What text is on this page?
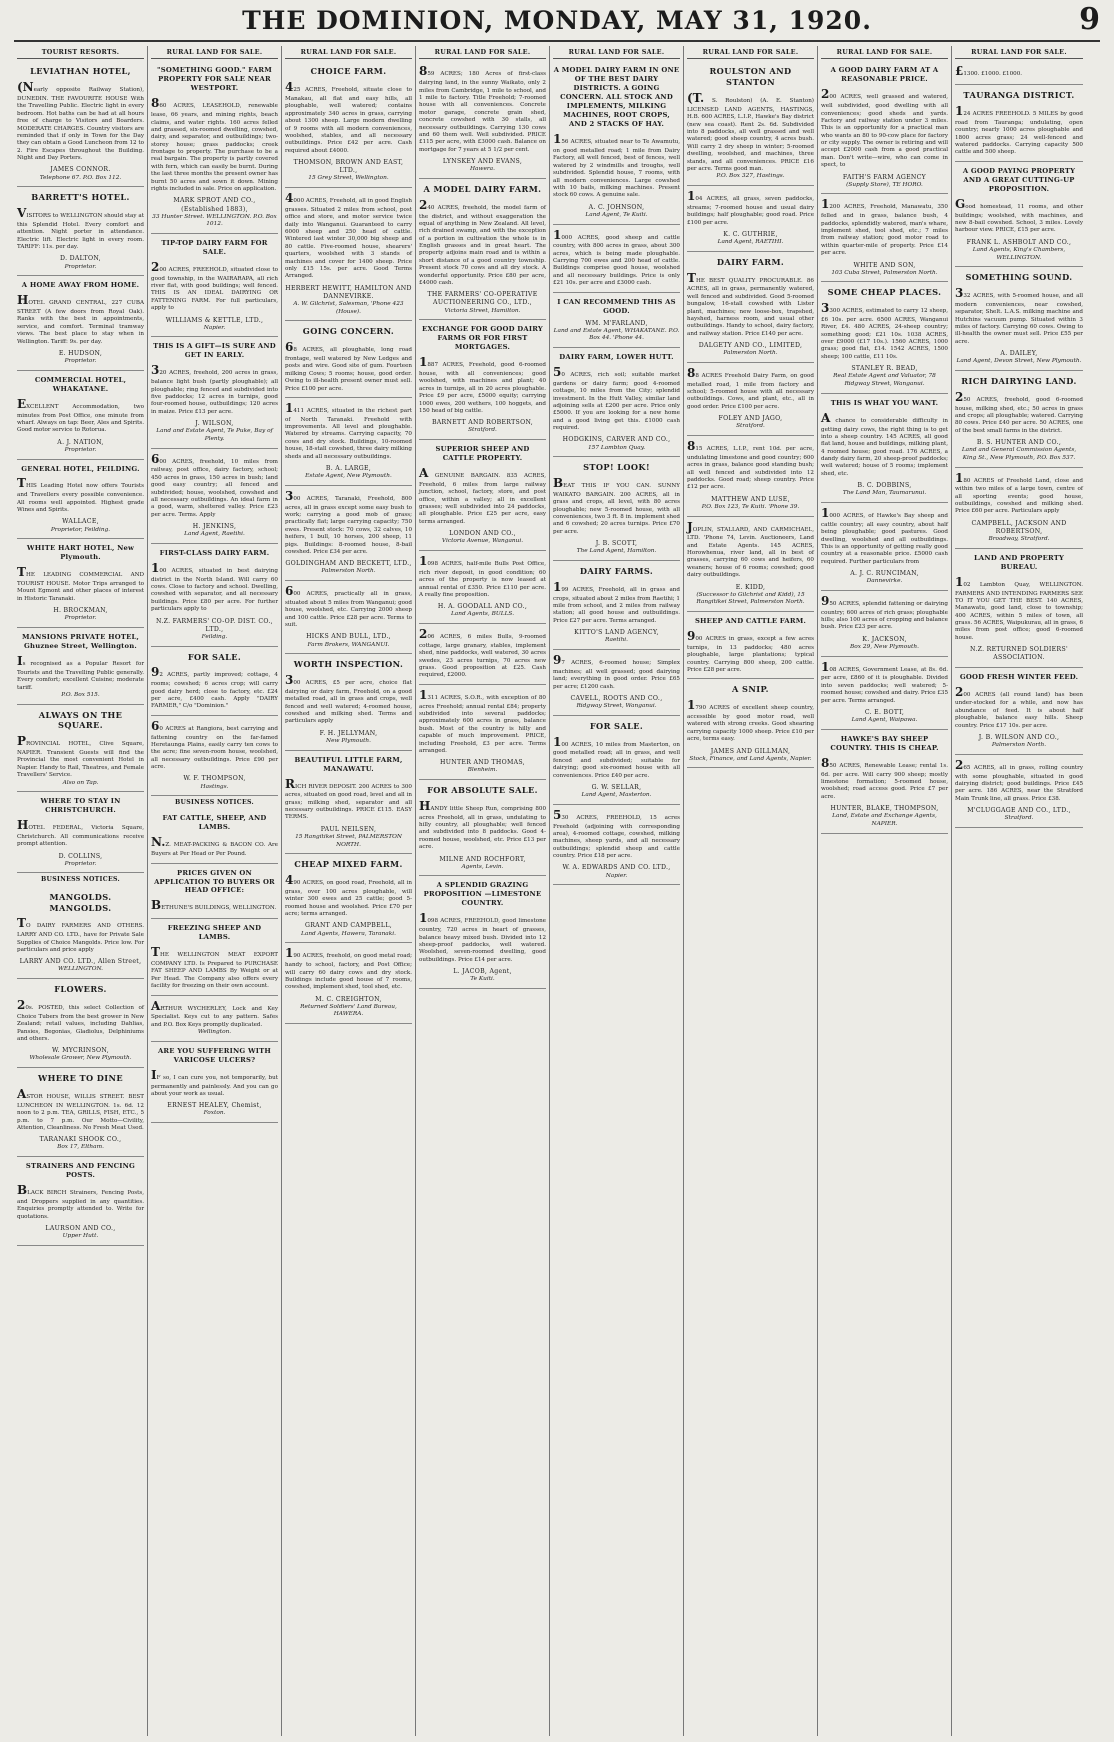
THE DOMINION, MONDAY, MAY 31, 1920.	9
TOURIST RESORTS.
LEVIATHAN HOTEL,
(Nearly opposite Railway Station), DUNEDIN. THE FAVOURITE HOUSE With the Travelling Public. Electric light in every bedroom. Hot baths can be had at all hours free of charge to Visitors and Boarders. MODERATE CHARGES. Country visitors are reminded that if only in Town for the Day they can obtain a Good Luncheon from 12 to 2. Fire Escapes throughout the Building. Night and Day Porters.
JAMES CONNOR.
Telephone 67. P.O. Box 112.
BARRETT'S HOTEL.
VISITORS to WELLINGTON should stay at this Splendid Hotel. Every comfort and attention. Night porter in attendance. Electric lift. Electric light in every room. TARIFF: 11s. per day.
D. DALTON,
Proprietor.
A HOME AWAY FROM HOME.
HOTEL GRAND CENTRAL, 227 CUBA STREET (A few doors from Royal Oak). Ranks with the best in appointments, service, and comfort. Terminal tramway views. The best place to stay when in Wellington. Tariff: 9s. per day.
E. HUDSON,
Proprietor.
COMMERCIAL HOTEL, WHAKATANE.
EXCELLENT Accommodation, two minutes from Post Office, one minute from wharf. Always on tap: Beer, Ales and Spirits. Good motor service to Rotorua.
A. J. NATION,
Proprietor.
GENERAL HOTEL, FEILDING.
THIS Leading Hotel now offers Tourists and Travellers every possible convenience. All rooms well appointed. Highest grade Wines and Spirits.
WALLACE,
Proprietor, Feilding.
WHITE HART HOTEL, New Plymouth.
THE LEADING COMMERCIAL AND TOURIST HOUSE. Motor Trips arranged to Mount Egmont and other places of interest in Historic Taranaki.
H. BROCKMAN,
Proprietor.
MANSIONS PRIVATE HOTEL, Ghuznee Street, Wellington.
Is recognised as a Popular Resort for Tourists and the Travelling Public generally. Every comfort; excellent Cuisine; moderate tariff.
P.O. Box 515.
ALWAYS ON THE SQUARE.
PROVINCIAL HOTEL, Clive Square, NAPIER. Transient Guests will find the Provincial the most convenient Hotel in Napier. Handy to Rail, Theatres, and Female Travellers' Service.
Also on Tap.
WHERE TO STAY IN CHRISTCHURCH.
HOTEL FEDERAL, Victoria Square, Christchurch. All communications receive prompt attention.
D. COLLINS,
Proprietor.
BUSINESS NOTICES.
MANGOLDS. MANGOLDS.
TO DAIRY FARMERS AND OTHERS. LARRY AND CO. LTD., have for Private Sale Supplies of Choice Mangolds. Price low. For particulars and price apply
LARRY AND CO. LTD., Allen Street,
WELLINGTON.
FLOWERS.
20s. POSTED, this select Collection of Choice Tubers from the best grower in New Zealand; retail values, including Dahlias, Pansies, Begonias, Gladiolus, Delphiniums and others.
W. MYCRINSON,
Wholesale Grower, New Plymouth.
WHERE TO DINE
ASTOR HOUSE, WILLIS STREET. BEST LUNCHEON IN WELLINGTON. 1s. 6d. 12 noon to 2 p.m. TEA, GRILLS, FISH, ETC., 5 p.m. to 7 p.m. Our Motto—Civility, Attention, Cleanliness. No Fresh Meat Used.
TARANAKI SHOOK CO.,
Box 17, Eltham.
STRAINERS AND FENCING POSTS.
BLACK BIRCH Strainers, Fencing Posts, and Droppers supplied in any quantities. Enquiries promptly attended to. Write for quotations.
LAURSON AND CO.,
Upper Hutt.
RURAL LAND FOR SALE.
"SOMETHING GOOD." FARM PROPERTY FOR SALE NEAR WESTPORT.
860 ACRES, LEASEHOLD, renewable lease, 66 years, and mining rights, beach claims, and water rights. 160 acres felled and grassed, six-roomed dwelling, cowshed, dairy, and separator, and outbuildings; two-storey house; grass paddocks; creek frontage to property. The purchase to be a real bargain. The property is partly covered with fern, which can easily be burnt. During the last three months the present owner has burnt 50 acres and sown it down. Mining rights included in sale. Price on application.
MARK SPROT AND CO., (Established 1883),
33 Hunter Street. WELLINGTON. P.O. Box 1012.
TIP-TOP DAIRY FARM FOR SALE.
200 ACRES, FREEHOLD, situated close to good township, in the WAIRARAPA, all rich river flat, with good buildings; well fenced. THIS IS AN IDEAL DAIRYING OR FATTENING FARM. For full particulars, apply to
WILLIAMS & KETTLE, LTD.,
Napier.
THIS IS A GIFT—IS SURE AND GET IN EARLY.
320 ACRES, freehold, 200 acres in grass, balance light bush (partly ploughable); all ploughable; ring fenced and subdivided into five paddocks; 12 acres in turnips, good four-roomed house, outbuildings; 120 acres in maize. Price £13 per acre.
J. WILSON,
Land and Estate Agent, Te Puke, Bay of Plenty.
600 ACRES, freehold, 10 miles from railway, post office, dairy factory, school; 450 acres in grass, 150 acres in bush; land good easy country; all fenced and subdivided; house, woolshed, cowshed and all necessary outbuildings. An ideal farm in a good, warm, sheltered valley. Price £23 per acre. Terms. Apply
H. JENKINS,
Land Agent, Raetihi.
FIRST-CLASS DAIRY FARM.
100 ACRES, situated in best dairying district in the North Island. Will carry 60 cows. Close to factory and school. Dwelling, cowshed with separator, and all necessary buildings. Price £80 per acre. For further particulars apply to
N.Z. FARMERS' CO-OP. DIST. CO., LTD.,
Feilding.
FOR SALE.
92 ACRES, partly improved; cottage, 4 rooms; cowshed; 6 acres crop; will carry good dairy herd; close to factory, etc. £24 per acre, £400 cash. Apply "DAIRY FARMER," C/o "Dominion."
60 ACRES at Rangiora, best carrying and fattening country on the far-famed Heretaunga Plains, easily carry ten cows to the acre; fine seven-room house, woolshed, all necessary outbuildings. Price £90 per acre.
W. F. THOMPSON,
Hastings.
BUSINESS NOTICES.
FAT CATTLE, SHEEP, AND LAMBS.
N.Z. MEAT-PACKING & BACON CO. Are Buyers at Per Head or Per Pound.
PRICES GIVEN ON APPLICATION TO BUYERS OR HEAD OFFICE:
BETHUNE'S BUILDINGS, WELLINGTON.
FREEZING SHEEP AND LAMBS.
THE WELLINGTON MEAT EXPORT COMPANY LTD. Is Prepared to PURCHASE FAT SHEEP AND LAMBS By Weight or at Per Head. The Company also offers every facility for freezing on their own account.
ARTHUR WYCHERLEY, Lock and Key Specialist. Keys cut to any pattern. Safes and P.O. Box Keys promptly duplicated.
Wellington.
ARE YOU SUFFERING WITH VARICOSE ULCERS?
IF so, I can cure you, not temporarily, but permanently and painlessly. And you can go about your work as usual.
ERNEST HEALEY, Chemist,
Foxton.
RURAL LAND FOR SALE.
CHOICE FARM.
425 ACRES, Freehold, situate close to Manakau, all flat and easy hills, all ploughable, well watered; contains approximately 340 acres in grass, carrying about 1300 sheep. Large modern dwelling of 9 rooms with all modern conveniences, woolshed, stables, and all necessary outbuildings. Price £42 per acre. Cash required about £4000.
THOMSON, BROWN AND EAST, LTD.,
15 Grey Street, Wellington.
4000 ACRES, Freehold, all in good English grasses. Situated 2 miles from school, post office and store, and motor service twice daily into Wanganui. Guaranteed to carry 6000 sheep and 250 head of cattle. Wintered last winter 30,000 big sheep and 80 cattle. Five-roomed house, shearers' quarters, woolshed with 3 stands of machines and cover for 1400 sheep. Price only £15 15s. per acre. Good Terms Arranged.
HERBERT HEWITT, HAMILTON AND DANNEVIRKE.
A. W. Gilchrist, Salesman, 'Phone 423 (House).
GOING CONCERN.
68 ACRES, all ploughable, long road frontage, well watered by New Ledges and posts and wire. Good site of gum. Fourteen milking Cows; 5 rooms; house, good order. Owing to ill-health present owner must sell. Price £100 per acre.
1411 ACRES, situated in the richest part of North Taranaki. Freehold with improvements. All level and ploughable. Watered by streams. Carrying capacity, 70 cows and dry stock. Buildings, 10-roomed house, 18-stall cowshed, three dairy milking sheds and all necessary outbuildings.
B. A. LARGE,
Estate Agent, New Plymouth.
300 ACRES, Taranaki, Freehold, 800 acres, all in grass except some easy bush to work; carrying a good mob of grass; practically flat; large carrying capacity; 750 ewes. Present stock: 70 cows, 32 calves, 10 heifers, 1 bull, 10 horses, 200 sheep, 11 pigs. Buildings: 8-roomed house, 8-bail cowshed. Price £34 per acre.
GOLDINGHAM AND BECKETT, LTD.,
Palmerston North.
600 ACRES, practically all in grass, situated about 5 miles from Wanganui; good house, woolshed, etc. Carrying 2000 sheep and 100 cattle. Price £28 per acre. Terms to suit.
HICKS AND BULL, LTD.,
Farm Brokers, WANGANUI.
WORTH INSPECTION.
300 ACRES, £5 per acre, choice flat dairying or dairy farm, Freehold, on a good metalled road, all in grass and crops, well fenced and well watered; 4-roomed house, cowshed and milking shed. Terms and particulars apply
F. H. JELLYMAN,
New Plymouth.
BEAUTIFUL LITTLE FARM, MANAWATU.
RICH RIVER DEPOSIT. 200 ACRES to 300 acres, situated on good road, level and all in grass; milking shed, separator and all necessary outbuildings. PRICE £115. EASY TERMS.
PAUL NEILSEN,
15 Rangitikei Street, PALMERSTON NORTH.
CHEAP MIXED FARM.
490 ACRES, on good road, Freehold, all in grass, over 100 acres ploughable, will winter 300 ewes and 25 cattle; good 5-roomed house and woolshed. Price £70 per acre; terms arranged.
GRANT AND CAMPBELL,
Land Agents, Hawera, Taranaki.
190 ACRES, freehold, on good metal road; handy to school, factory, and Post Office; will carry 60 dairy cows and dry stock. Buildings include good house of 7 rooms, cowshed, implement shed, tool shed, etc.
M. C. CREIGHTON,
Returned Soldiers' Land Bureau, HAWERA.
RURAL LAND FOR SALE.
859 ACRES; 180 Acres of first-class dairying land, in the sunny Waikato, only 2 miles from Cambridge, 1 mile to school, and 1 mile to factory. Title Freehold; 7-roomed house with all conveniences. Concrete motor garage, concrete grain shed, concrete cowshed with 30 stalls, all necessary outbuildings. Carrying 130 cows and 60 them well. Well subdivided. PRICE £115 per acre, with £3000 cash. Balance on mortgage for 7 years at 5 1/2 per cent.
LYNSKEY AND EVANS,
Hawera.
A MODEL DAIRY FARM.
240 ACRES, freehold, the model farm of the district, and without exaggeration the equal of anything in New Zealand. All level, rich drained swamp, and with the exception of a portion in cultivation the whole is in English grasses and in great heart. The property adjoins main road and is within a short distance of a good country township. Present stock 70 cows and all dry stock. A wonderful opportunity. Price £80 per acre, £4000 cash.
THE FARMERS' CO-OPERATIVE AUCTIONEERING CO., LTD.,
Victoria Street, Hamilton.
EXCHANGE FOR GOOD DAIRY FARMS OR FOR FIRST MORTGAGES.
1887 ACRES, Freehold, good 6-roomed house, with all conveniences; good woolshed, with machines and plant; 40 acres in turnips, all in 20 acres ploughable. Price £9 per acre, £5000 equity; carrying 1000 ewes, 200 wethers, 100 hoggets, and 150 head of big cattle.
BARNETT AND ROBERTSON,
Stratford.
SUPERIOR SHEEP AND CATTLE PROPERTY.
A GENUINE BARGAIN. 835 ACRES, Freehold, 6 miles from large railway junction, school, factory, store, and post office, within a valley; all in excellent grasses; well subdivided into 24 paddocks, all ploughable. Price £25 per acre, easy terms arranged.
LONDON AND CO.,
Victoria Avenue, Wanganui.
1098 ACRES, half-mile Bulls Post Office, rich river deposit, in good condition; 60 acres of the property is now leased at annual rental of £350. Price £110 per acre. A really fine proposition.
H. A. GOODALL AND CO.,
Land Agents, BULLS.
206 ACRES, 6 miles Bulls, 9-roomed cottage, large granary, stables, implement shed, nine paddocks, well watered, 30 acres swedes, 23 acres turnips, 70 acres new grass. Good proposition at £25. Cash required, £2000.
1311 ACRES, S.O.R., with exception of 80 acres Freehold; annual rental £84; property subdivided into several paddocks; approximately 600 acres in grass, balance bush. Most of the country is hilly and capable of much improvement. PRICE, including Freehold, £3 per acre. Terms arranged.
HUNTER AND THOMAS,
Blenheim.
FOR ABSOLUTE SALE.
HANDY little Sheep Run, comprising 800 acres Freehold, all in grass, undulating to hilly country, all ploughable; well fenced and subdivided into 8 paddocks. Good 4-roomed house, woolshed, etc. Price £13 per acre.
MILNE AND ROCHFORT,
Agents, Levin.
A SPLENDID GRAZING PROPOSITION —LIMESTONE COUNTRY.
1098 ACRES, FREEHOLD, good limestone country, 720 acres in heart of grasses, balance heavy mixed bush. Divided into 12 sheep-proof paddocks, well watered. Woolshed, seven-roomed dwelling, good outbuildings. Price £14 per acre.
L. JACOB, Agent,
Te Kuiti.
RURAL LAND FOR SALE.
A MODEL DAIRY FARM IN ONE OF THE BEST DAIRY DISTRICTS. A GOING CONCERN. ALL STOCK AND IMPLEMENTS, MILKING MACHINES, ROOT CROPS, AND 2 STACKS OF HAY.
156 ACRES, situated near to Te Awamutu, on good metalled road; 1 mile from Dairy Factory, all well fenced, best of fences, well watered by 2 windmills and troughs, well subdivided. Splendid house, 7 rooms, with all modern conveniences. Large cowshed with 10 bails, milking machines. Present stock 60 cows. A genuine sale.
A. C. JOHNSON,
Land Agent, Te Kuiti.
1000 ACRES, good sheep and cattle country, with 800 acres in grass, about 300 acres, which is being made ploughable. Carrying 700 ewes and 200 head of cattle. Buildings comprise good house, woolshed and all necessary buildings. Price is only £21 10s. per acre and £3000 cash.
I CAN RECOMMEND THIS AS GOOD.
WM. M'FARLAND,
Land and Estate Agent, WHAKATANE. P.O. Box 44. 'Phone 44.
DAIRY FARM, LOWER HUTT.
50 ACRES, rich soil; suitable market gardens or dairy farm; good 4-roomed cottage, 10 miles from the City; splendid investment. In the Hutt Valley, similar land adjoining sells at £200 per acre. Price only £5000. If you are looking for a new home and a good living get this. £1000 cash required.
HODGKINS, CARVER AND CO.,
157 Lambton Quay.
STOP! LOOK!
BEAT THIS IF YOU CAN. SUNNY WAIKATO BARGAIN. 200 ACRES, all in grass and crops, all level, with 80 acres ploughable; new 5-roomed house, with all conveniences, two 3 ft. 8 in. implement shed and 6 cowshed; 20 acres turnips. Price £70 per acre.
J. B. SCOTT,
The Land Agent, Hamilton.
DAIRY FARMS.
199 ACRES, Freehold, all in grass and crops, situated about 2 miles from Raetihi; 1 mile from school, and 2 miles from railway station; all good house and outbuildings. Price £27 per acre. Terms arranged.
KITTO'S LAND AGENCY,
Raetihi.
97 ACRES, 6-roomed house; Simplex machines; all well grassed; good dairying land; everything in good order. Price £65 per acre; £1200 cash.
CAVELL, ROOTS AND CO.,
Ridgway Street, Wanganui.
FOR SALE.
100 ACRES, 10 miles from Masterton, on good metalled road; all in grass, and well fenced and subdivided; suitable for dairying; good six-roomed house with all conveniences. Price £40 per acre.
G. W. SELLAR,
Land Agent, Masterton.
530 ACRES, FREEHOLD, 15 acres Freehold (adjoining with corresponding area), 4-roomed cottage, cowshed, milking machines, sheep yards, and all necessary outbuildings; splendid sheep and cattle country. Price £18 per acre.
W. A. EDWARDS AND CO. LTD.,
Napier.
RURAL LAND FOR SALE.
ROULSTON AND STANTON
(T. S. Roulston) (A. E. Stanton) LICENSED LAND AGENTS, HASTINGS, H.B. 600 ACRES, L.I.P., Hawke's Bay district (new sea coast). Rent 2s. 6d. Subdivided into 8 paddocks, all well grassed and well watered; good sheep country, 4 acres bush. Will carry 2 dry sheep in winter; 5-roomed dwelling, woolshed, and machines, three stands, and all conveniences. PRICE £16 per acre. Terms good man.
P.O. Box 327, Hastings.
104 ACRES, all grass, seven paddocks, streams; 7-roomed house and usual dairy buildings; half ploughable; good road. Price £100 per acre.
K. C. GUTHRIE,
Land Agent, RAETIHI.
DAIRY FARM.
THE BEST QUALITY PROCURABLE. 86 ACRES, all in grass, permanently watered, well fenced and subdivided. Good 5-roomed bungalow, 16-stall cowshed with Lister plant, machines; new loose-box, trapshed, hayshed, harness room, and usual other outbuildings. Handy to school, dairy factory, and railway station. Price £140 per acre.
DALGETY AND CO., LIMITED,
Palmerston North.
88 ACRES Freehold Dairy Farm, on good metalled road, 1 mile from factory and school; 5-roomed house with all necessary outbuildings. Cows, and plant, etc., all in good order. Price £100 per acre.
FOLEY AND JAGO,
Stratford.
815 ACRES, L.I.P., rent 10d. per acre, undulating limestone and good country; 600 acres in grass, balance good standing bush; all well fenced and subdivided into 12 paddocks. Good road; sheep country. Price £12 per acre.
MATTHEW AND LUSE,
P.O. Box 123, Te Kuiti. 'Phone 39.
JOPLIN, STALLARD, AND CARMICHAEL, LTD. 'Phone 74, Levin. Auctioneers, Land and Estate Agents. 145 ACRES, Horowhenua, river land, all in best of grasses, carrying 60 cows and heifers, 60 weaners; house of 6 rooms; cowshed; good dairy outbuildings.
E. KIDD,
(Successor to Gilchrist and Kidd), 15 Rangitikei Street, Palmerston North.
SHEEP AND CATTLE FARM.
900 ACRES in grass, except a few acres turnips, in 13 paddocks; 480 acres ploughable, large plantations; typical country. Carrying 800 sheep, 200 cattle. Price £28 per acre.
A SNIP.
1790 ACRES of excellent sheep country, accessible by good motor road, well watered with strong creeks. Good shearing carrying capacity 1000 sheep. Price £10 per acre, terms easy.
JAMES AND GILLMAN,
Stock, Finance, and Land Agents, Napier.
RURAL LAND FOR SALE.
A GOOD DAIRY FARM AT A REASONABLE PRICE.
200 ACRES, well grassed and watered, well subdivided, good dwelling with all conveniences; good sheds and yards. Factory and railway station under 3 miles. This is an opportunity for a practical man who wants an 80 to 90-cow place for factory or city supply. The owner is retiring and will accept £2000 cash from a good practical man. Don't write—wire, who can come in spect, to
FAITH'S FARM AGENCY
(Supply Store), TE HORO.
1200 ACRES, Freehold, Manawatu, 350 felled and in grass, balance bush, 4 paddocks, splendidly watered, man's whare, implement shed, tool shed, etc.; 7 miles from railway station; good motor road to within quarter-mile of property. Price £14 per acre.
WHITE AND SON,
103 Cuba Street, Palmerston North.
SOME CHEAP PLACES.
3300 ACRES, estimated to carry 12 sheep, £6 10s. per acre. 6500 ACRES, Wanganui River, £4. 480 ACRES, 24-sheep country; something good; £21 10s. 1038 ACRES, over £9000 (£17 10s.). 1560 ACRES, 1000 grass; good flat, £14. 1542 ACRES, 1500 sheep; 100 cattle, £11 10s.
STANLEY R. BEAD,
Real Estate Agent and Valuator, 78 Ridgway Street, Wanganui.
THIS IS WHAT YOU WANT.
A chance to considerable difficulty in getting dairy cows, the right thing is to get into a sheep country. 145 ACRES, all good flat land, house and buildings, milking plant, 4 roomed house; good road. 176 ACRES, a dandy dairy farm, 20 sheep-proof paddocks; well watered; house of 5 rooms; implement shed, etc.
B. C. DOBBINS,
The Land Man, Taumarunui.
1000 ACRES, of Hawke's Bay sheep and cattle country; all easy country, about half being ploughable; good pastures. Good dwelling, woolshed and all outbuildings. This is an opportunity of getting really good country at a reasonable price. £5000 cash required. Further particulars from
A. J. C. RUNCIMAN,
Dannevirke.
950 ACRES, splendid fattening or dairying country; 600 acres of rich grass; ploughable hills; also 100 acres of cropping and balance bush. Price £23 per acre.
K. JACKSON,
Box 29, New Plymouth.
108 ACRES, Government Lease, at 8s. 6d. per acre, £860 of it is ploughable. Divided into seven paddocks; well watered; 5-roomed house; cowshed and dairy. Price £35 per acre. Terms arranged.
C. E. BOTT,
Land Agent, Waipawa.
HAWKE'S BAY SHEEP COUNTRY. THIS IS CHEAP.
850 ACRES, Renewable Lease; rental 1s. 6d. per acre. Will carry 900 sheep; mostly limestone formation; 5-roomed house, woolshed; road access good. Price £7 per acre.
HUNTER, BLAKE, THOMPSON,
Land, Estate and Exchange Agents, NAPIER.
RURAL LAND FOR SALE.
£1300. £1000. £1000.
TAURANGA DISTRICT.
124 ACRES FREEHOLD. 5 MILES by good road from Tauranga; undulating, open country; nearly 1000 acres ploughable and 1800 acres grass; 24 well-fenced and watered paddocks. Carrying capacity 500 cattle and 500 sheep.
A GOOD PAYING PROPERTY AND A GREAT CUTTING-UP PROPOSITION.
Good homestead, 11 rooms, and other buildings; woolshed, with machines, and new 8-bail cowshed. School, 3 miles. Lovely harbour view. PRICE, £15 per acre.
FRANK L. ASHBOLT AND CO.,
Land Agents, King's Chambers, WELLINGTON.
SOMETHING SOUND.
332 ACRES, with 5-roomed house, and all modern conveniences, near cowshed, separator, Shelt. L.A.S. milking machine and Hutchins vacuum pump. Situated within 3 miles of factory. Carrying 60 cows. Owing to ill-health the owner must sell. Price £55 per acre.
A. DAILEY,
Land Agent, Devon Street, New Plymouth.
RICH DAIRYING LAND.
250 ACRES, freehold, good 6-roomed house, milking shed, etc.; 50 acres in grass and crops; all ploughable; watered. Carrying 80 cows. Price £40 per acre. 50 ACRES, one of the best small farms in the district.
B. S. HUNTER AND CO.,
Land and General Commission Agents, King St., New Plymouth, P.O. Box 537.
180 ACRES of Freehold Land, close and within two miles of a large town, centre of all sporting events; good house, outbuildings, cowshed and milking shed. Price £60 per acre. Particulars apply
CAMPBELL, JACKSON AND ROBERTSON,
Broadway, Stratford.
LAND AND PROPERTY BUREAU.
102 Lambton Quay, WELLINGTON. FARMERS AND INTENDING FARMERS SEE TO IT YOU GET THE BEST. 140 ACRES, Manawatu, good land, close to township; 400 ACRES, within 5 miles of town, all grass. 56 ACRES, Waipukurau, all in grass, 6 miles from post office; good 6-roomed house.
N.Z. RETURNED SOLDIERS' ASSOCIATION.
GOOD FRESH WINTER FEED.
200 ACRES (all round land) has been under-stocked for a while, and now has abundance of feed. It is about half ploughable, balance easy hills. Sheep country. Price £17 10s. per acre.
J. B. WILSON AND CO.,
Palmerston North.
265 ACRES, all in grass, rolling country with some ploughable, situated in good dairying district; good buildings. Price £45 per acre. 186 ACRES, near the Stratford Main Trunk line, all grass. Price £38.
M'CLUGGAGE AND CO., LTD.,
Stratford.
